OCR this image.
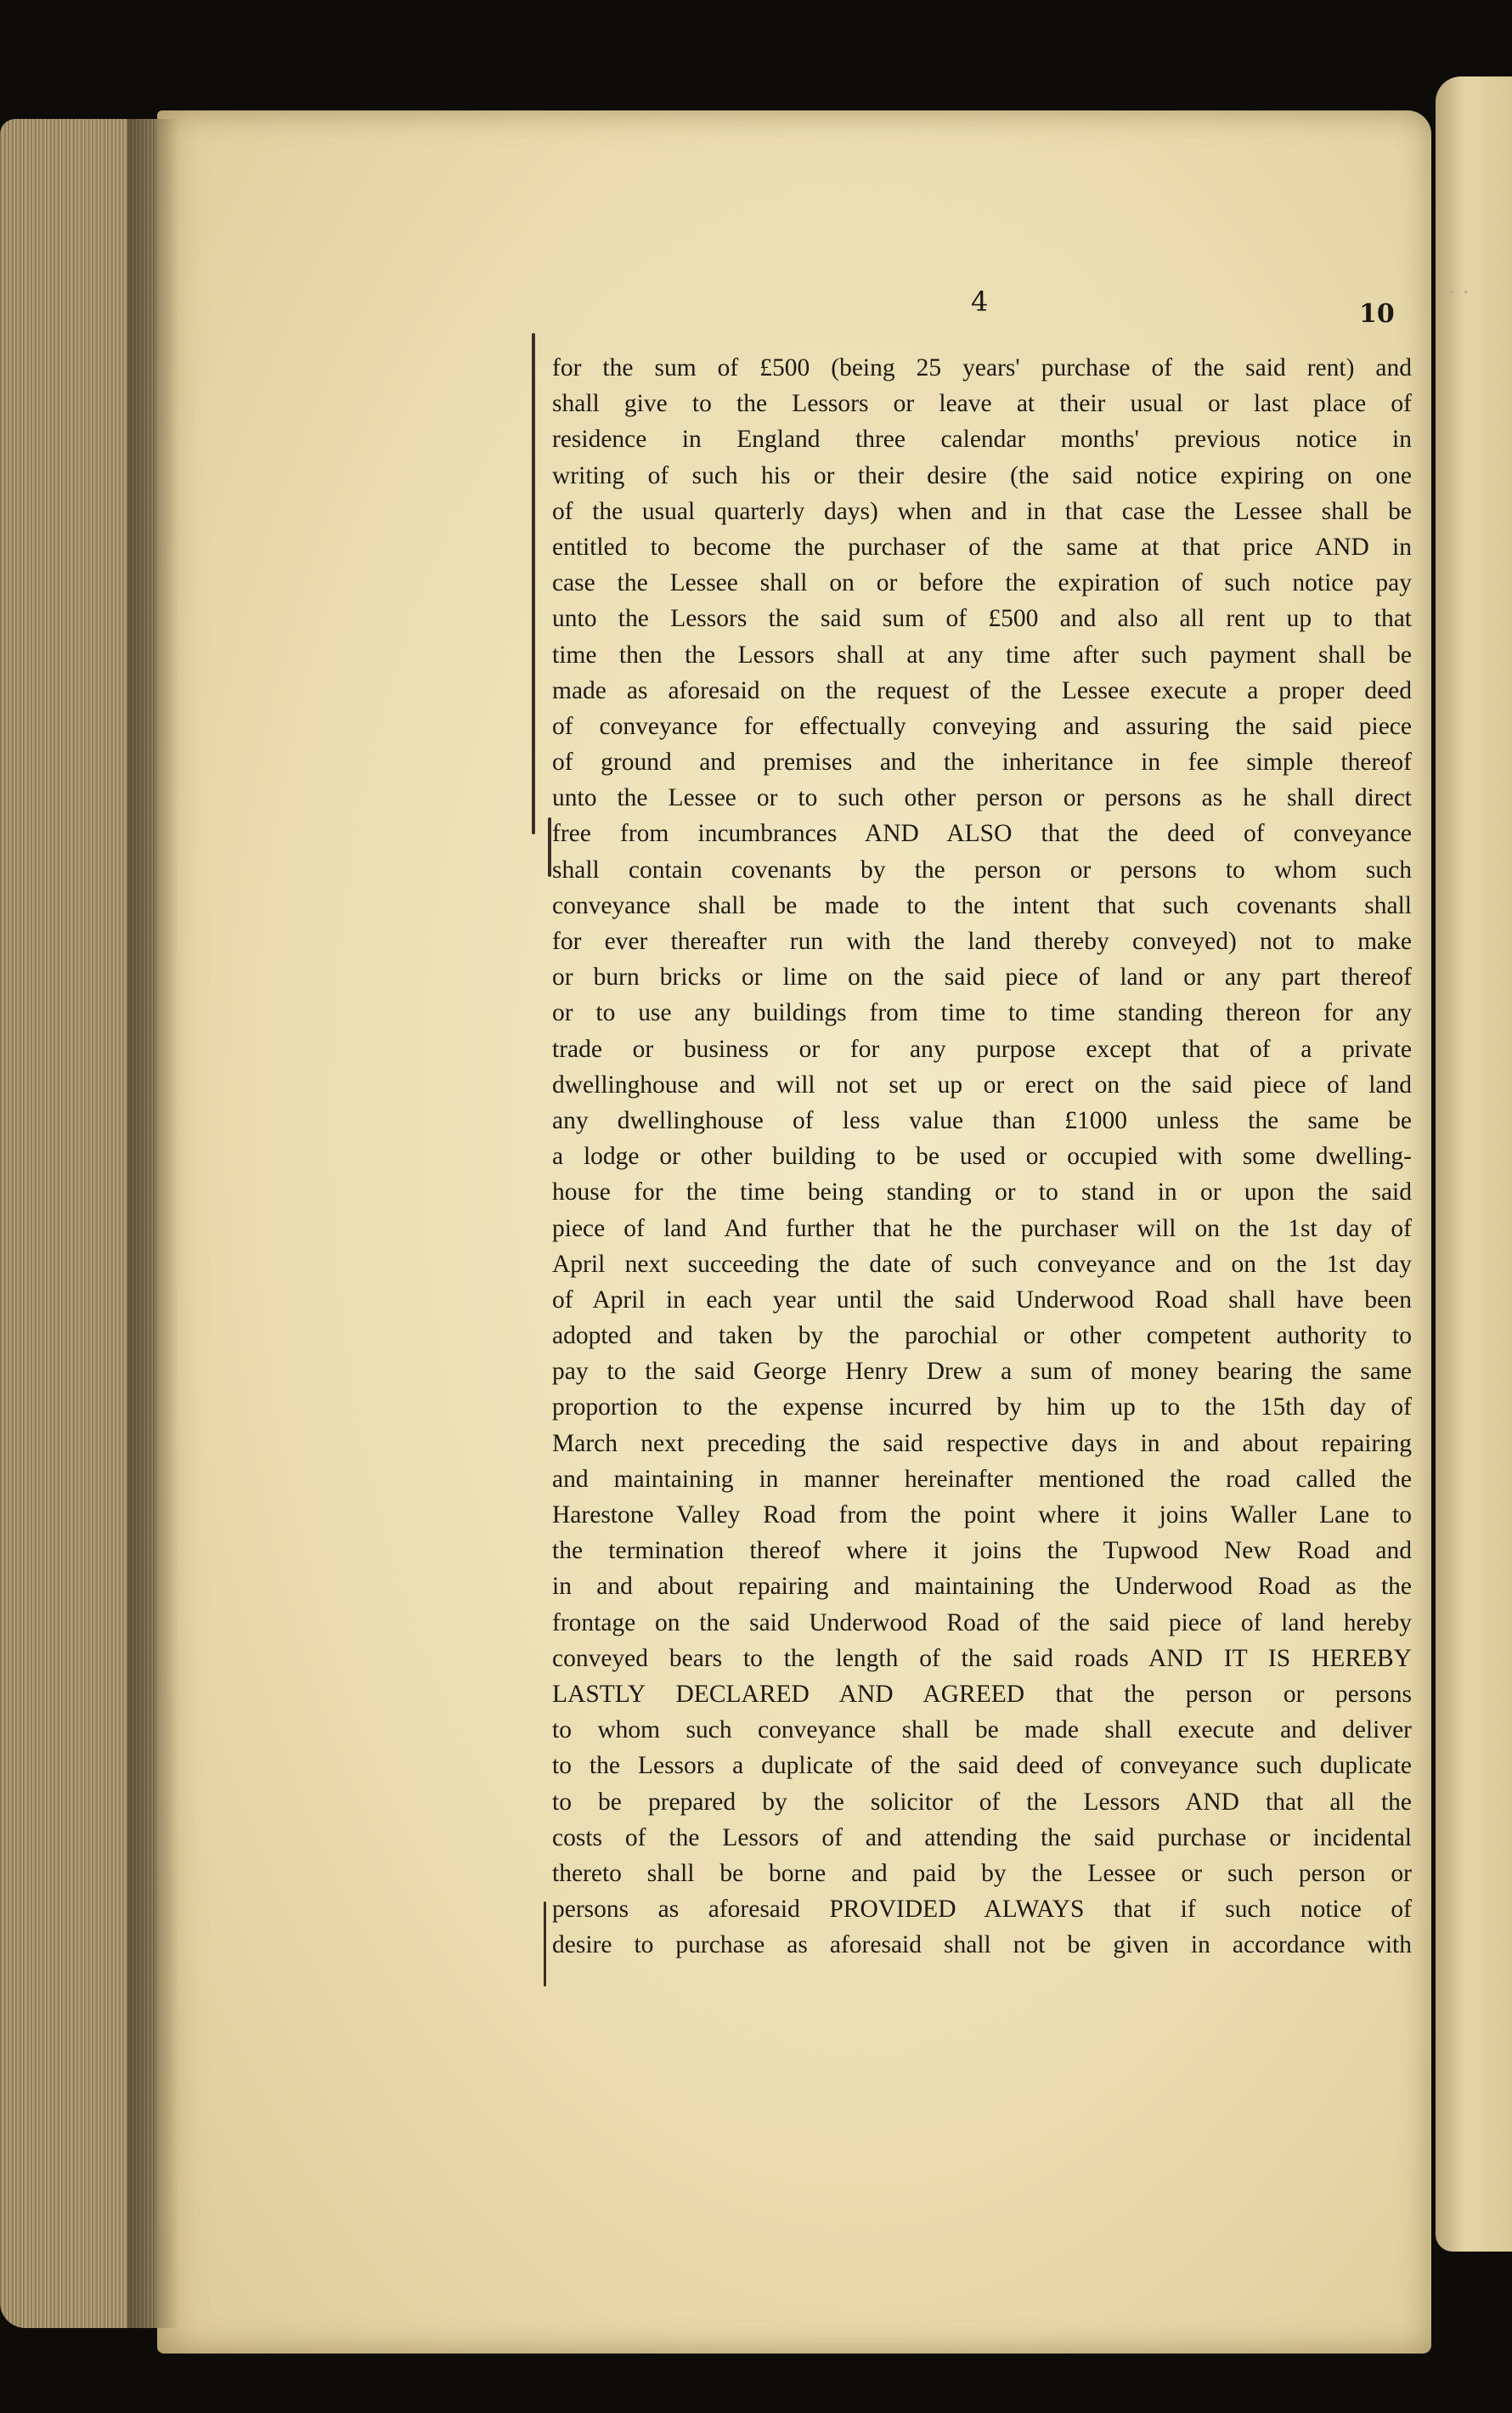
· ·
4	10
for the sum of £500 (being 25 years' purchase of the said rent) and
shall give to the Lessors or leave at their usual or last place of
residence in England three calendar months' previous notice in
writing of such his or their desire (the said notice expiring on one
of the usual quarterly days) when and in that case the Lessee shall be
entitled to become the purchaser of the same at that price AND in
case the Lessee shall on or before the expiration of such notice pay
unto the Lessors the said sum of £500 and also all rent up to that
time then the Lessors shall at any time after such payment shall be
made as aforesaid on the request of the Lessee execute a proper deed
of conveyance for effectually conveying and assuring the said piece
of ground and premises and the inheritance in fee simple thereof
unto the Lessee or to such other person or persons as he shall direct
free from incumbrances AND ALSO that the deed of conveyance
shall contain covenants by the person or persons to whom such
conveyance shall be made to the intent that such covenants shall
for ever thereafter run with the land thereby conveyed) not to make
or burn bricks or lime on the said piece of land or any part thereof
or to use any buildings from time to time standing thereon for any
trade or business or for any purpose except that of a private
dwellinghouse and will not set up or erect on the said piece of land
any dwellinghouse of less value than £1000 unless the same be
a lodge or other building to be used or occupied with some dwelling-
house for the time being standing or to stand in or upon the said
piece of land And further that he the purchaser will on the 1st day of
April next succeeding the date of such conveyance and on the 1st day
of April in each year until the said Underwood Road shall have been
adopted and taken by the parochial or other competent authority to
pay to the said George Henry Drew a sum of money bearing the same
proportion to the expense incurred by him up to the 15th day of
March next preceding the said respective days in and about repairing
and maintaining in manner hereinafter mentioned the road called the
Harestone Valley Road from the point where it joins Waller Lane to
the termination thereof where it joins the Tupwood New Road and
in and about repairing and maintaining the Underwood Road as the
frontage on the said Underwood Road of the said piece of land hereby
conveyed bears to the length of the said roads AND IT IS HEREBY
LASTLY DECLARED AND AGREED that the person or persons
to whom such conveyance shall be made shall execute and deliver
to the Lessors a duplicate of the said deed of conveyance such duplicate
to be prepared by the solicitor of the Lessors AND that all the
costs of the Lessors of and attending the said purchase or incidental
thereto shall be borne and paid by the Lessee or such person or
persons as aforesaid PROVIDED ALWAYS that if such notice of
desire to purchase as aforesaid shall not be given in accordance with
